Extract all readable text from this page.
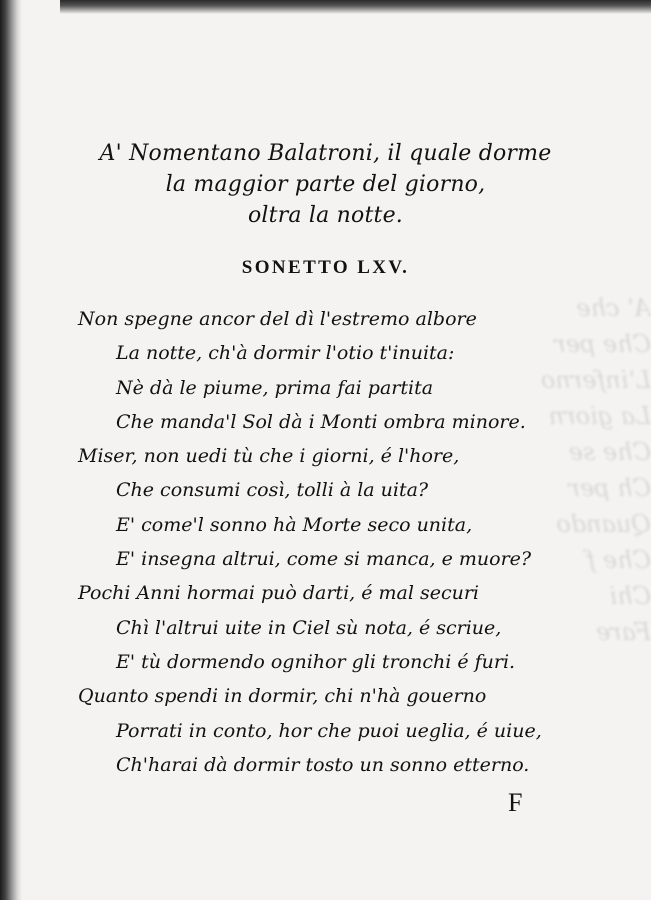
A' che
Che per
L'inferno
La giorn
Che se
Ch per
Quando
Che f
Chi
Fare
A' Nomentano Balatroni, il quale dorme
la maggior parte del giorno,
oltra la notte.
SONETTO LXV.
Non spegne ancor del dì l'estremo albore
La notte, ch'à dormir l'otio t'inuita:
Nè dà le piume, prima fai partita
Che manda'l Sol dà i Monti ombra minore.
Miser, non uedi tù che i giorni, é l'hore,
Che consumi così, tolli à la uita?
E' come'l sonno hà Morte seco unita,
E' insegna altrui, come si manca, e muore?
Pochi Anni hormai può darti, é mal securi
Chì l'altrui uite in Ciel sù nota, é scriue,
E' tù dormendo ognihor gli tronchi é furi.
Quanto spendi in dormir, chi n'hà gouerno
Porrati in conto, hor che puoi ueglia, é uiue,
Ch'harai dà dormir tosto un sonno etterno.
F
